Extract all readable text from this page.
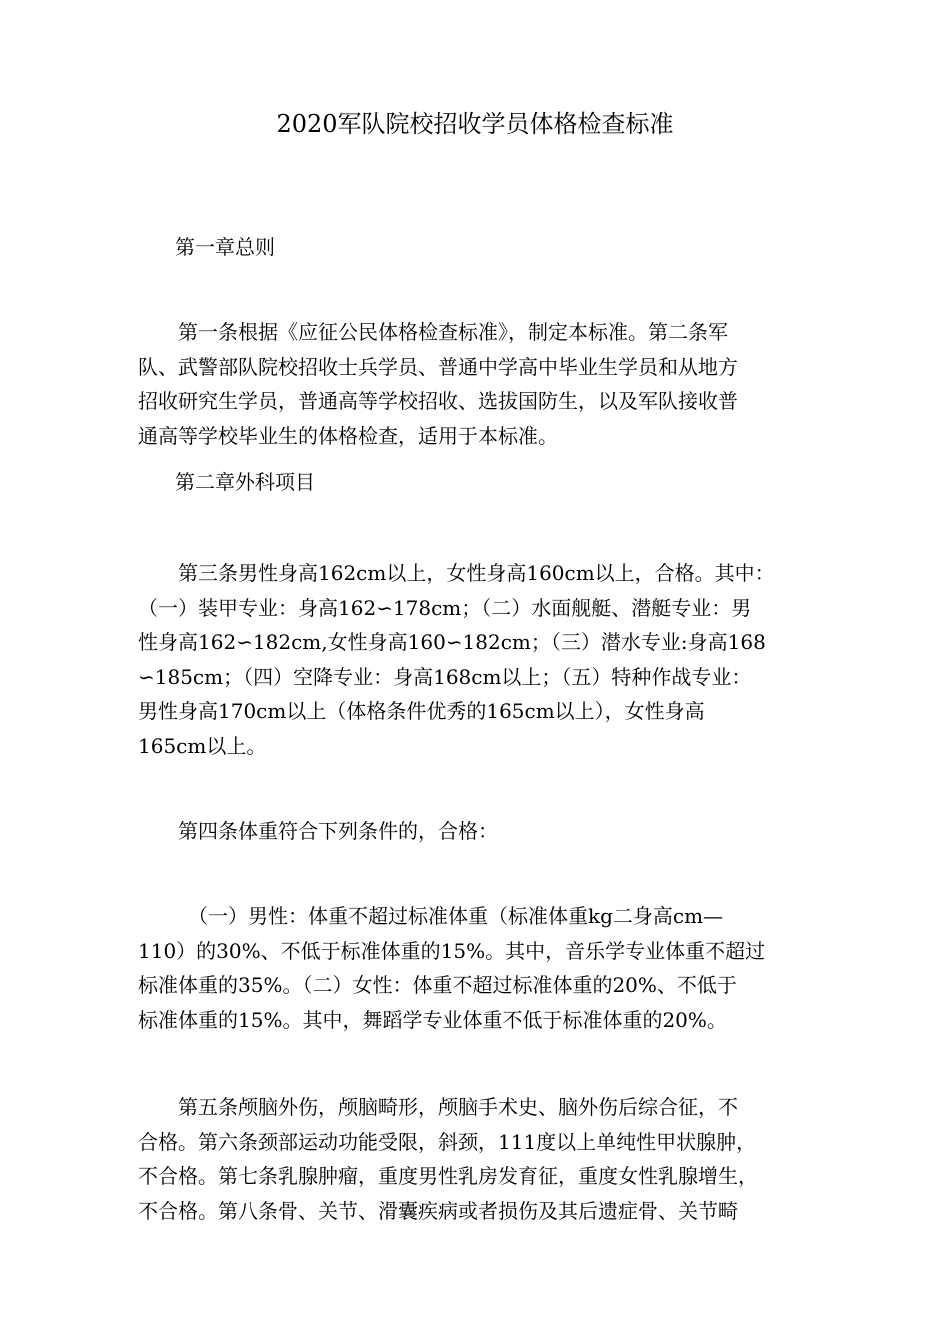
2020军队院校招收学员体格检查标准
第一章总则
　　第一条根据《应征公民体格检查标准》，制定本标准。第二条军
队、武警部队院校招收士兵学员、普通中学高中毕业生学员和从地方
招收研究生学员，普通高等学校招收、选拔国防生，以及军队接收普
通高等学校毕业生的体格检查，适用于本标准。
第二章外科项目
　　第三条男性身高162cm以上，女性身高160cm以上，合格。其中：
（一）装甲专业：身高162∽178cm；（二）水面舰艇、潜艇专业：男
性身高162∽182cm,女性身高160∽182cm；（三）潜水专业:身高168
∽185cm；（四）空降专业：身高168cm以上；（五）特种作战专业：
男性身高170cm以上（体格条件优秀的165cm以上），女性身高
165cm以上。
　　第四条体重符合下列条件的，合格：
　　　（一）男性：体重不超过标准体重（标准体重kg二身高cm—
110）的30%、不低于标准体重的15%。其中，音乐学专业体重不超过
标准体重的35%。（二）女性：体重不超过标准体重的20%、不低于
标准体重的15%。其中，舞蹈学专业体重不低于标准体重的20%。
　　第五条颅脑外伤，颅脑畸形，颅脑手术史、脑外伤后综合征，不
合格。第六条颈部运动功能受限，斜颈，111度以上单纯性甲状腺肿，
不合格。第七条乳腺肿瘤，重度男性乳房发育征，重度女性乳腺增生，
不合格。第八条骨、关节、滑囊疾病或者损伤及其后遗症骨、关节畸
